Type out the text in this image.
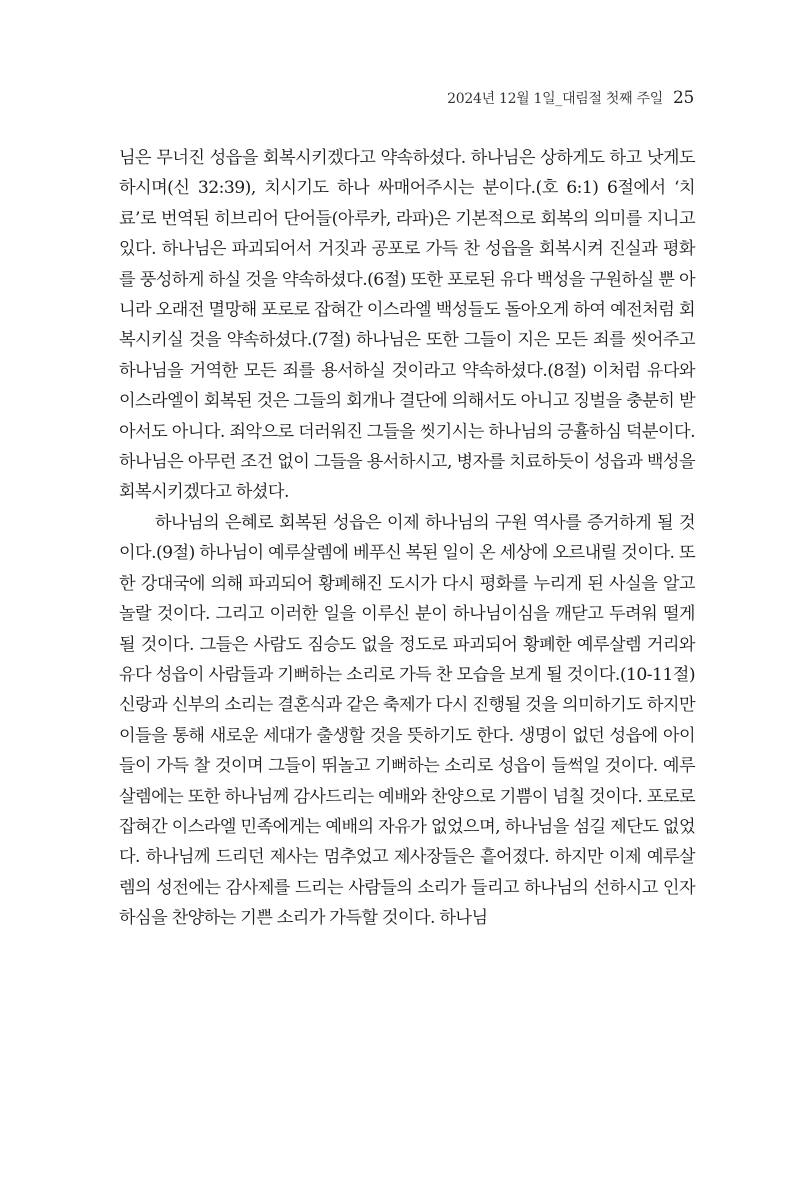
2024년 12월 1일_대림절 첫째 주일 25

님은 무너진 성읍을 회복시키겠다고 약속하셨다. 하나님은 상하게도 하고 낫게도 하시며(신 32:39), 치시기도 하나 싸매어주시는 분이다.(호 6:1) 6절에서 ‘치료’로 번역된 히브리어 단어들(아루카, 라파)은 기본적으로 회복의 의미를 지니고 있다. 하나님은 파괴되어서 거짓과 공포로 가득 찬 성읍을 회복시켜 진실과 평화를 풍성하게 하실 것을 약속하셨다.(6절) 또한 포로된 유다 백성을 구원하실 뿐 아니라 오래전 멸망해 포로로 잡혀간 이스라엘 백성들도 돌아오게 하여 예전처럼 회복시키실 것을 약속하셨다.(7절) 하나님은 또한 그들이 지은 모든 죄를 씻어주고 하나님을 거역한 모든 죄를 용서하실 것이라고 약속하셨다.(8절) 이처럼 유다와 이스라엘이 회복된 것은 그들의 회개나 결단에 의해서도 아니고 징벌을 충분히 받아서도 아니다. 죄악으로 더러워진 그들을 씻기시는 하나님의 긍휼하심 덕분이다. 하나님은 아무런 조건 없이 그들을 용서하시고, 병자를 치료하듯이 성읍과 백성을 회복시키겠다고 하셨다.

하나님의 은혜로 회복된 성읍은 이제 하나님의 구원 역사를 증거하게 될 것이다.(9절) 하나님이 예루살렘에 베푸신 복된 일이 온 세상에 오르내릴 것이다. 또한 강대국에 의해 파괴되어 황폐해진 도시가 다시 평화를 누리게 된 사실을 알고 놀랄 것이다. 그리고 이러한 일을 이루신 분이 하나님이심을 깨닫고 두려워 떨게 될 것이다. 그들은 사람도 짐승도 없을 정도로 파괴되어 황폐한 예루살렘 거리와 유다 성읍이 사람들과 기뻐하는 소리로 가득 찬 모습을 보게 될 것이다.(10-11절) 신랑과 신부의 소리는 결혼식과 같은 축제가 다시 진행될 것을 의미하기도 하지만 이들을 통해 새로운 세대가 출생할 것을 뜻하기도 한다. 생명이 없던 성읍에 아이들이 가득 찰 것이며 그들이 뛰놀고 기뻐하는 소리로 성읍이 들썩일 것이다. 예루살렘에는 또한 하나님께 감사드리는 예배와 찬양으로 기쁨이 넘칠 것이다. 포로로 잡혀간 이스라엘 민족에게는 예배의 자유가 없었으며, 하나님을 섬길 제단도 없었다. 하나님께 드리던 제사는 멈추었고 제사장들은 흩어졌다. 하지만 이제 예루살렘의 성전에는 감사제를 드리는 사람들의 소리가 들리고 하나님의 선하시고 인자하심을 찬양하는 기쁜 소리가 가득할 것이다. 하나님
